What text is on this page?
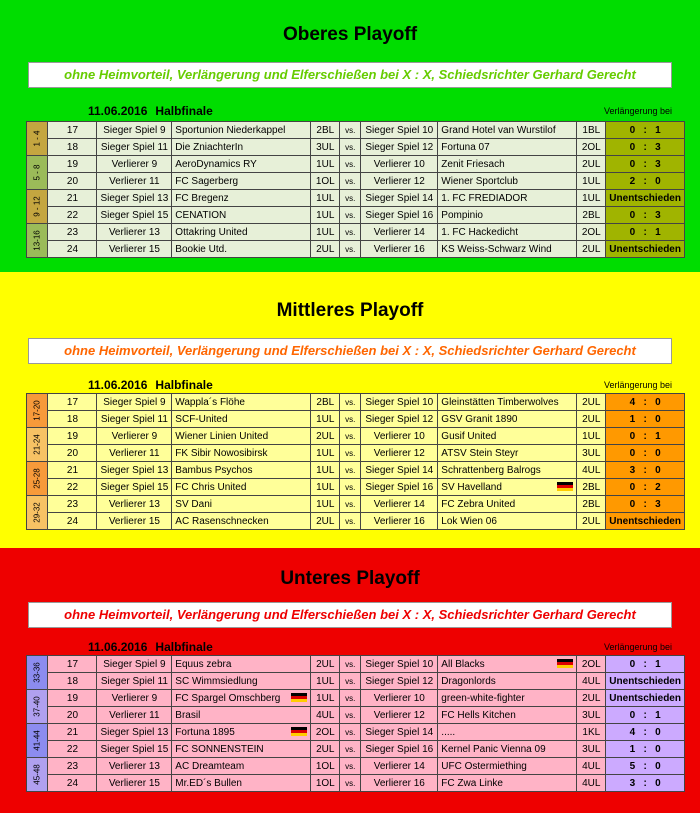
Oberes Playoff
ohne Heimvorteil, Verlängerung und Elferschießen bei X : X, Schiedsrichter Gerhard Gerecht
11.06.2016 Halbfinale	Verlängerung bei
1 - 4	17	Sieger Spiel 9	Sportunion Niederkappel	2BL	vs.	Sieger Spiel 10	Grand Hotel van Wurstilof	1BL	0   :   1
	18	Sieger Spiel 11	Die ZniachterIn	3UL	vs.	Sieger Spiel 12	Fortuna 07	2OL	0   :   3

5 - 8	19	Verlierer 9	AeroDynamics RY	1UL	vs.	Verlierer 10	Zenit Friesach	2UL	0   :   3
	20	Verlierer 11	FC Sagerberg	1OL	vs.	Verlierer 12	Wiener Sportclub	1UL	2   :   0

9 - 12	21	Sieger Spiel 13	FC Bregenz	1UL	vs.	Sieger Spiel 14	1. FC FREDIADOR	1UL	Unentschieden
	22	Sieger Spiel 15	CENATION	1UL	vs.	Sieger Spiel 16	Pompinio	2BL	0   :   3

13-16	23	Verlierer 13	Ottakring United	1UL	vs.	Verlierer 14	1. FC Hackedicht	2OL	0   :   1
	24	Verlierer 15	Bookie Utd.	2UL	vs.	Verlierer 16	KS Weiss-Schwarz Wind	2UL	Unentschieden
Mittleres Playoff
ohne Heimvorteil, Verlängerung und Elferschießen bei X : X, Schiedsrichter Gerhard Gerecht
11.06.2016 Halbfinale	Verlängerung bei
17-20	17	Sieger Spiel 9	Wappla´s Flöhe	2BL	vs.	Sieger Spiel 10	Gleinstätten Timberwolves	2UL	4   :   0
	18	Sieger Spiel 11	SCF-United	1UL	vs.	Sieger Spiel 12	GSV Granit 1890	2UL	1   :   0

21-24	19	Verlierer 9	Wiener Linien United	2UL	vs.	Verlierer 10	Gusif United	1UL	0   :   1
	20	Verlierer 11	FK Sibir Nowosibirsk	1UL	vs.	Verlierer 12	ATSV Stein Steyr	3UL	0   :   0

25-28	21	Sieger Spiel 13	Bambus Psychos	1UL	vs.	Sieger Spiel 14	Schrattenberg Balrogs	4UL	3   :   0
	22	Sieger Spiel 15	FC Chris United	1UL	vs.	Sieger Spiel 16	SV Havelland	2BL	0   :   2

29-32	23	Verlierer 13	SV Dani	1UL	vs.	Verlierer 14	FC Zebra United	2BL	0   :   3
	24	Verlierer 15	AC Rasenschnecken	2UL	vs.	Verlierer 16	Lok Wien 06	2UL	Unentschieden
Unteres Playoff
ohne Heimvorteil, Verlängerung und Elferschießen bei X : X, Schiedsrichter Gerhard Gerecht
11.06.2016 Halbfinale	Verlängerung bei
33-36	17	Sieger Spiel 9	Equus zebra	2UL	vs.	Sieger Spiel 10	All Blacks	2OL	0   :   1
	18	Sieger Spiel 11	SC Wimmsiedlung	1UL	vs.	Sieger Spiel 12	Dragonlords	4UL	Unentschieden

37-40	19	Verlierer 9	FC Spargel Omschberg	1UL	vs.	Verlierer 10	green-white-fighter	2UL	Unentschieden
	20	Verlierer 11	Brasil	4UL	vs.	Verlierer 12	FC Hells Kitchen	3UL	0   :   1

41-44	21	Sieger Spiel 13	Fortuna 1895	2OL	vs.	Sieger Spiel 14	.....	1KL	4   :   0
	22	Sieger Spiel 15	FC SONNENSTEIN	2UL	vs.	Sieger Spiel 16	Kernel Panic Vienna 09	3UL	1   :   0

45-48	23	Verlierer 13	AC Dreamteam	1OL	vs.	Verlierer 14	UFC Ostermiething	4UL	5   :   0
	24	Verlierer 15	Mr.ED´s Bullen	1OL	vs.	Verlierer 16	FC Zwa Linke	4UL	3   :   0
